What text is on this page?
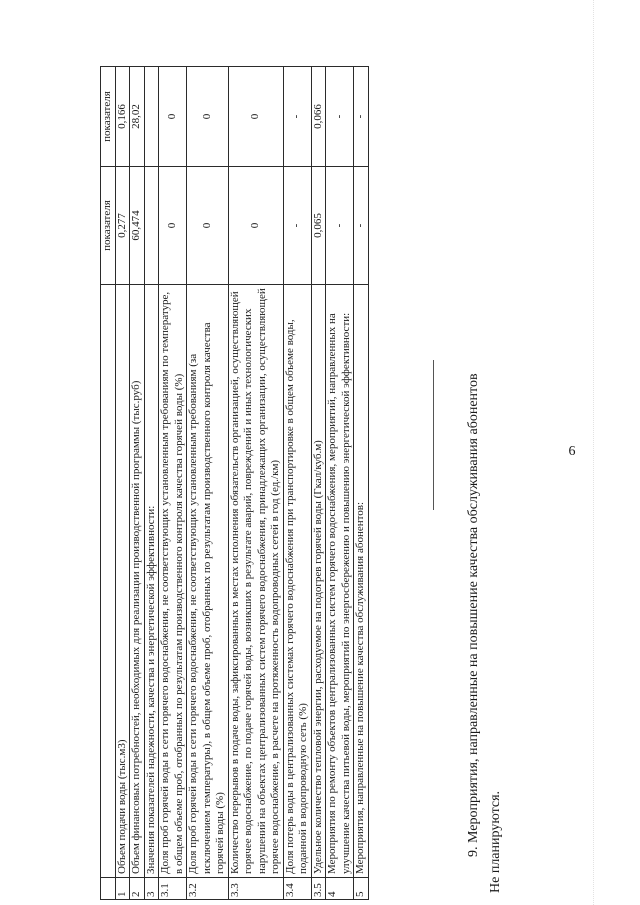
6
		показателя	показателя
1	Объем подачи воды (тыс.м3)	0,277	0,166
2	Объем финансовых потребностей, необходимых для реализации производственной программы (тыс.руб)	60,474	28,02
3	Значения показателей надежности, качества и энергетической эффективности:		
3.1	Доля проб горячей воды в сети горячего водоснабжения, не соответствующих установленным требованиям по температуре, в общем объеме проб, отобранных по результатам производственного контроля качества горячей воды (%)	0	0
3.2	Доля проб горячей воды в сети горячего водоснабжения, не соответствующих установленным требованиям (за исключением температуры), в общем объеме проб, отобранных по результатам производственного контроля качества горячей воды (%)	0	0
3.3	Количество перерывов в подаче воды, зафиксированных в местах исполнения обязательств организацией, осуществляющей горячее водоснабжение, по подаче горячей воды, возникших в результате аварий, повреждений и иных технологических нарушений на объектах централизованных систем горячего водоснабжения, принадлежащих организации, осуществляющей горячее водоснабжение, в расчете на протяженность водопроводных сетей в год (ед./км)	0	0
3.4	Доля потерь воды в централизованных системах горячего водоснабжения при транспортировке в общем объеме воды, поданной в водопроводную сеть (%)	-	-
3.5	Удельное количество тепловой энергии, расходуемое на подогрев горячей воды (Гкал/куб.м)	0,065	0,066
4	Мероприятия по ремонту объектов централизованных систем горячего водоснабжения, мероприятий, направленных на улучшение качества питьевой воды, мероприятий по энергосбережению и повышению энергетической эффективности:	-	-
5	Мероприятия, направленные на повышение качества обслуживания абонентов:	-	-
9. Мероприятия, направленные на повышение качества обслуживания абонентов Не планируются.
